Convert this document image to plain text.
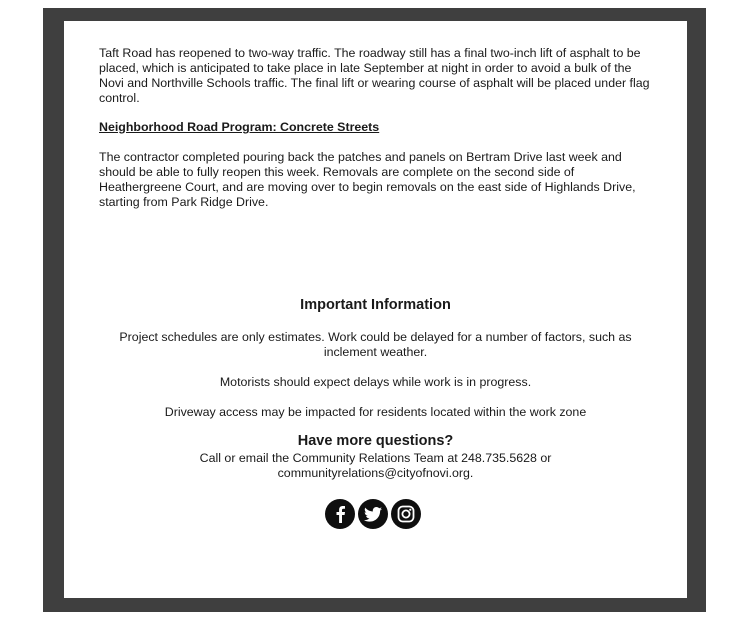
Taft Road has reopened to two-way traffic. The roadway still has a final two-inch lift of asphalt to be placed, which is anticipated to take place in late September at night in order to avoid a bulk of the Novi and Northville Schools traffic. The final lift or wearing course of asphalt will be placed under flag control.

Neighborhood Road Program: Concrete Streets

The contractor completed pouring back the patches and panels on Bertram Drive last week and should be able to fully reopen this week. Removals are complete on the second side of Heathergreene Court, and are moving over to begin removals on the east side of Highlands Drive, starting from Park Ridge Drive.

Important Information

Project schedules are only estimates. Work could be delayed for a number of factors, such as inclement weather.

Motorists should expect delays while work is in progress.

Driveway access may be impacted for residents located within the work zone

Have more questions?

Call or email the Community Relations Team at 248.735.5628 or communityrelations@cityofnovi.org.
